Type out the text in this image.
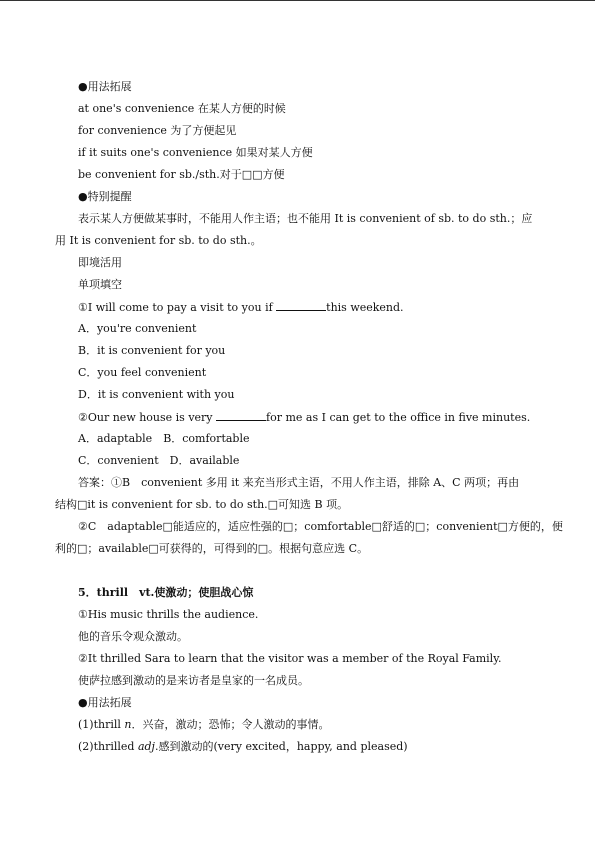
●用法拓展
at one's convenience 在某人方便的时候
for convenience 为了方便起见
if it suits one's convenience 如果对某人方便
be convenient for sb./sth.对于□□方便
●特别提醒
表示某人方便做某事时，不能用人作主语；也不能用 It is convenient of sb. to do sth.；应
用 It is convenient for sb. to do sth.。
即境活用
单项填空
①I will come to pay a visit to you if	this weekend.
A．you're convenient
B．it is convenient for you
C．you feel convenient
D．it is convenient with you
②Our new house is very	for me as I can get to the office in five minutes.
A．adaptable　B．comfortable
C．convenient　D．available
答案：①B　convenient 多用 it 来充当形式主语，不用人作主语，排除 A、C 两项；再由
结构□it is convenient for sb. to do sth.□可知选 B 项。
②C　adaptable□能适应的，适应性强的□；comfortable□舒适的□；convenient□方便的，便
利的□；available□可获得的，可得到的□。根据句意应选 C。
5．thrill　vt.使激动；使胆战心惊
①His music thrills the audience.
他的音乐令观众激动。
②It thrilled Sara to learn that the visitor was a member of the Royal Family.
使萨拉感到激动的是来访者是皇家的一名成员。
●用法拓展
(1)thrill n．兴奋，激动；恐怖；令人激动的事情。
(2)thrilled adj.感到激动的(very excited，happy, and pleased)
